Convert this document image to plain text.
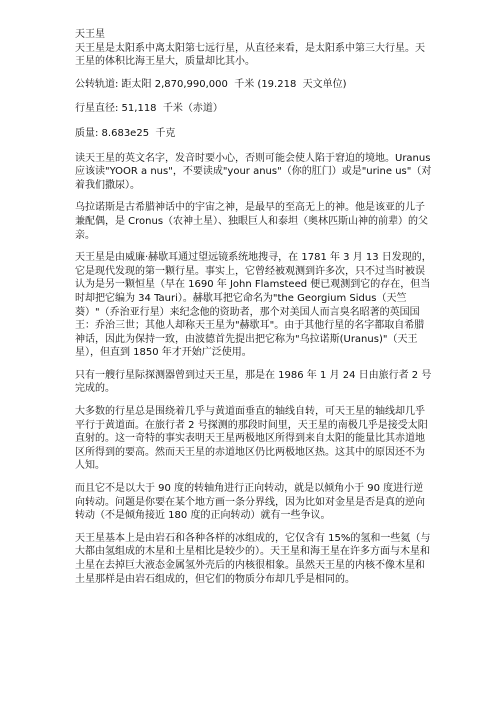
天王星

天王星是太阳系中离太阳第七远行星，从直径来看，是太阳系中第三大行星。天王星的体积比海王星大，质量却比其小。

公转轨道: 距太阳 2,870,990,000  千米 (19.218  天文单位)

行星直径: 51,118  千米（赤道）

质量: 8.683e25  千克

读天王星的英文名字，发音时要小心，否则可能会使人陷于窘迫的境地。Uranus 应该读"YOOR a nus"，不要读成"your anus"（你的肛门）或是"urine us"（对着我们撒尿）。

乌拉诺斯是古希腊神话中的宇宙之神，是最早的至高无上的神。他是该亚的儿子兼配偶，是 Cronus（农神土星）、独眼巨人和泰坦（奥林匹斯山神的前辈）的父亲。

天王星是由威廉·赫歇耳通过望远镜系统地搜寻，在 1781 年 3 月 13 日发现的，它是现代发现的第一颗行星。事实上，它曾经被观测到许多次，只不过当时被误认为是另一颗恒星（早在 1690 年 John Flamsteed 便已观测到它的存在，但当时却把它编为 34 Tauri）。赫歇耳把它命名为"the Georgium Sidus（天竺葵）"（乔治亚行星）来纪念他的资助者，那个对美国人而言臭名昭著的英国国王：乔治三世；其他人却称天王星为"赫歇耳"。由于其他行星的名字都取自希腊神话，因此为保持一致，由波德首先提出把它称为"乌拉诺斯(Uranus)"（天王星），但直到 1850 年才开始广泛使用。

只有一艘行星际探测器曾到过天王星，那是在 1986 年 1 月 24 日由旅行者 2 号完成的。

大多数的行星总是围绕着几乎与黄道面垂直的轴线自转，可天王星的轴线却几乎平行于黄道面。在旅行者 2 号探测的那段时间里，天王星的南极几乎是接受太阳直射的。这一奇特的事实表明天王星两极地区所得到来自太阳的能量比其赤道地区所得到的要高。然而天王星的赤道地区仍比两极地区热。这其中的原因还不为人知。

而且它不是以大于 90 度的转轴角进行正向转动，就是以倾角小于 90 度进行逆向转动。问题是你要在某个地方画一条分界线，因为比如对金星是否是真的逆向转动（不是倾角接近 180 度的正向转动）就有一些争议。

天王星基本上是由岩石和各种各样的冰组成的，它仅含有 15%的氢和一些氦（与大都由氢组成的木星和土星相比是较少的）。天王星和海王星在许多方面与木星和土星在去掉巨大液态金属氢外壳后的内核很相象。虽然天王星的内核不像木星和土星那样是由岩石组成的，但它们的物质分布却几乎是相同的。
